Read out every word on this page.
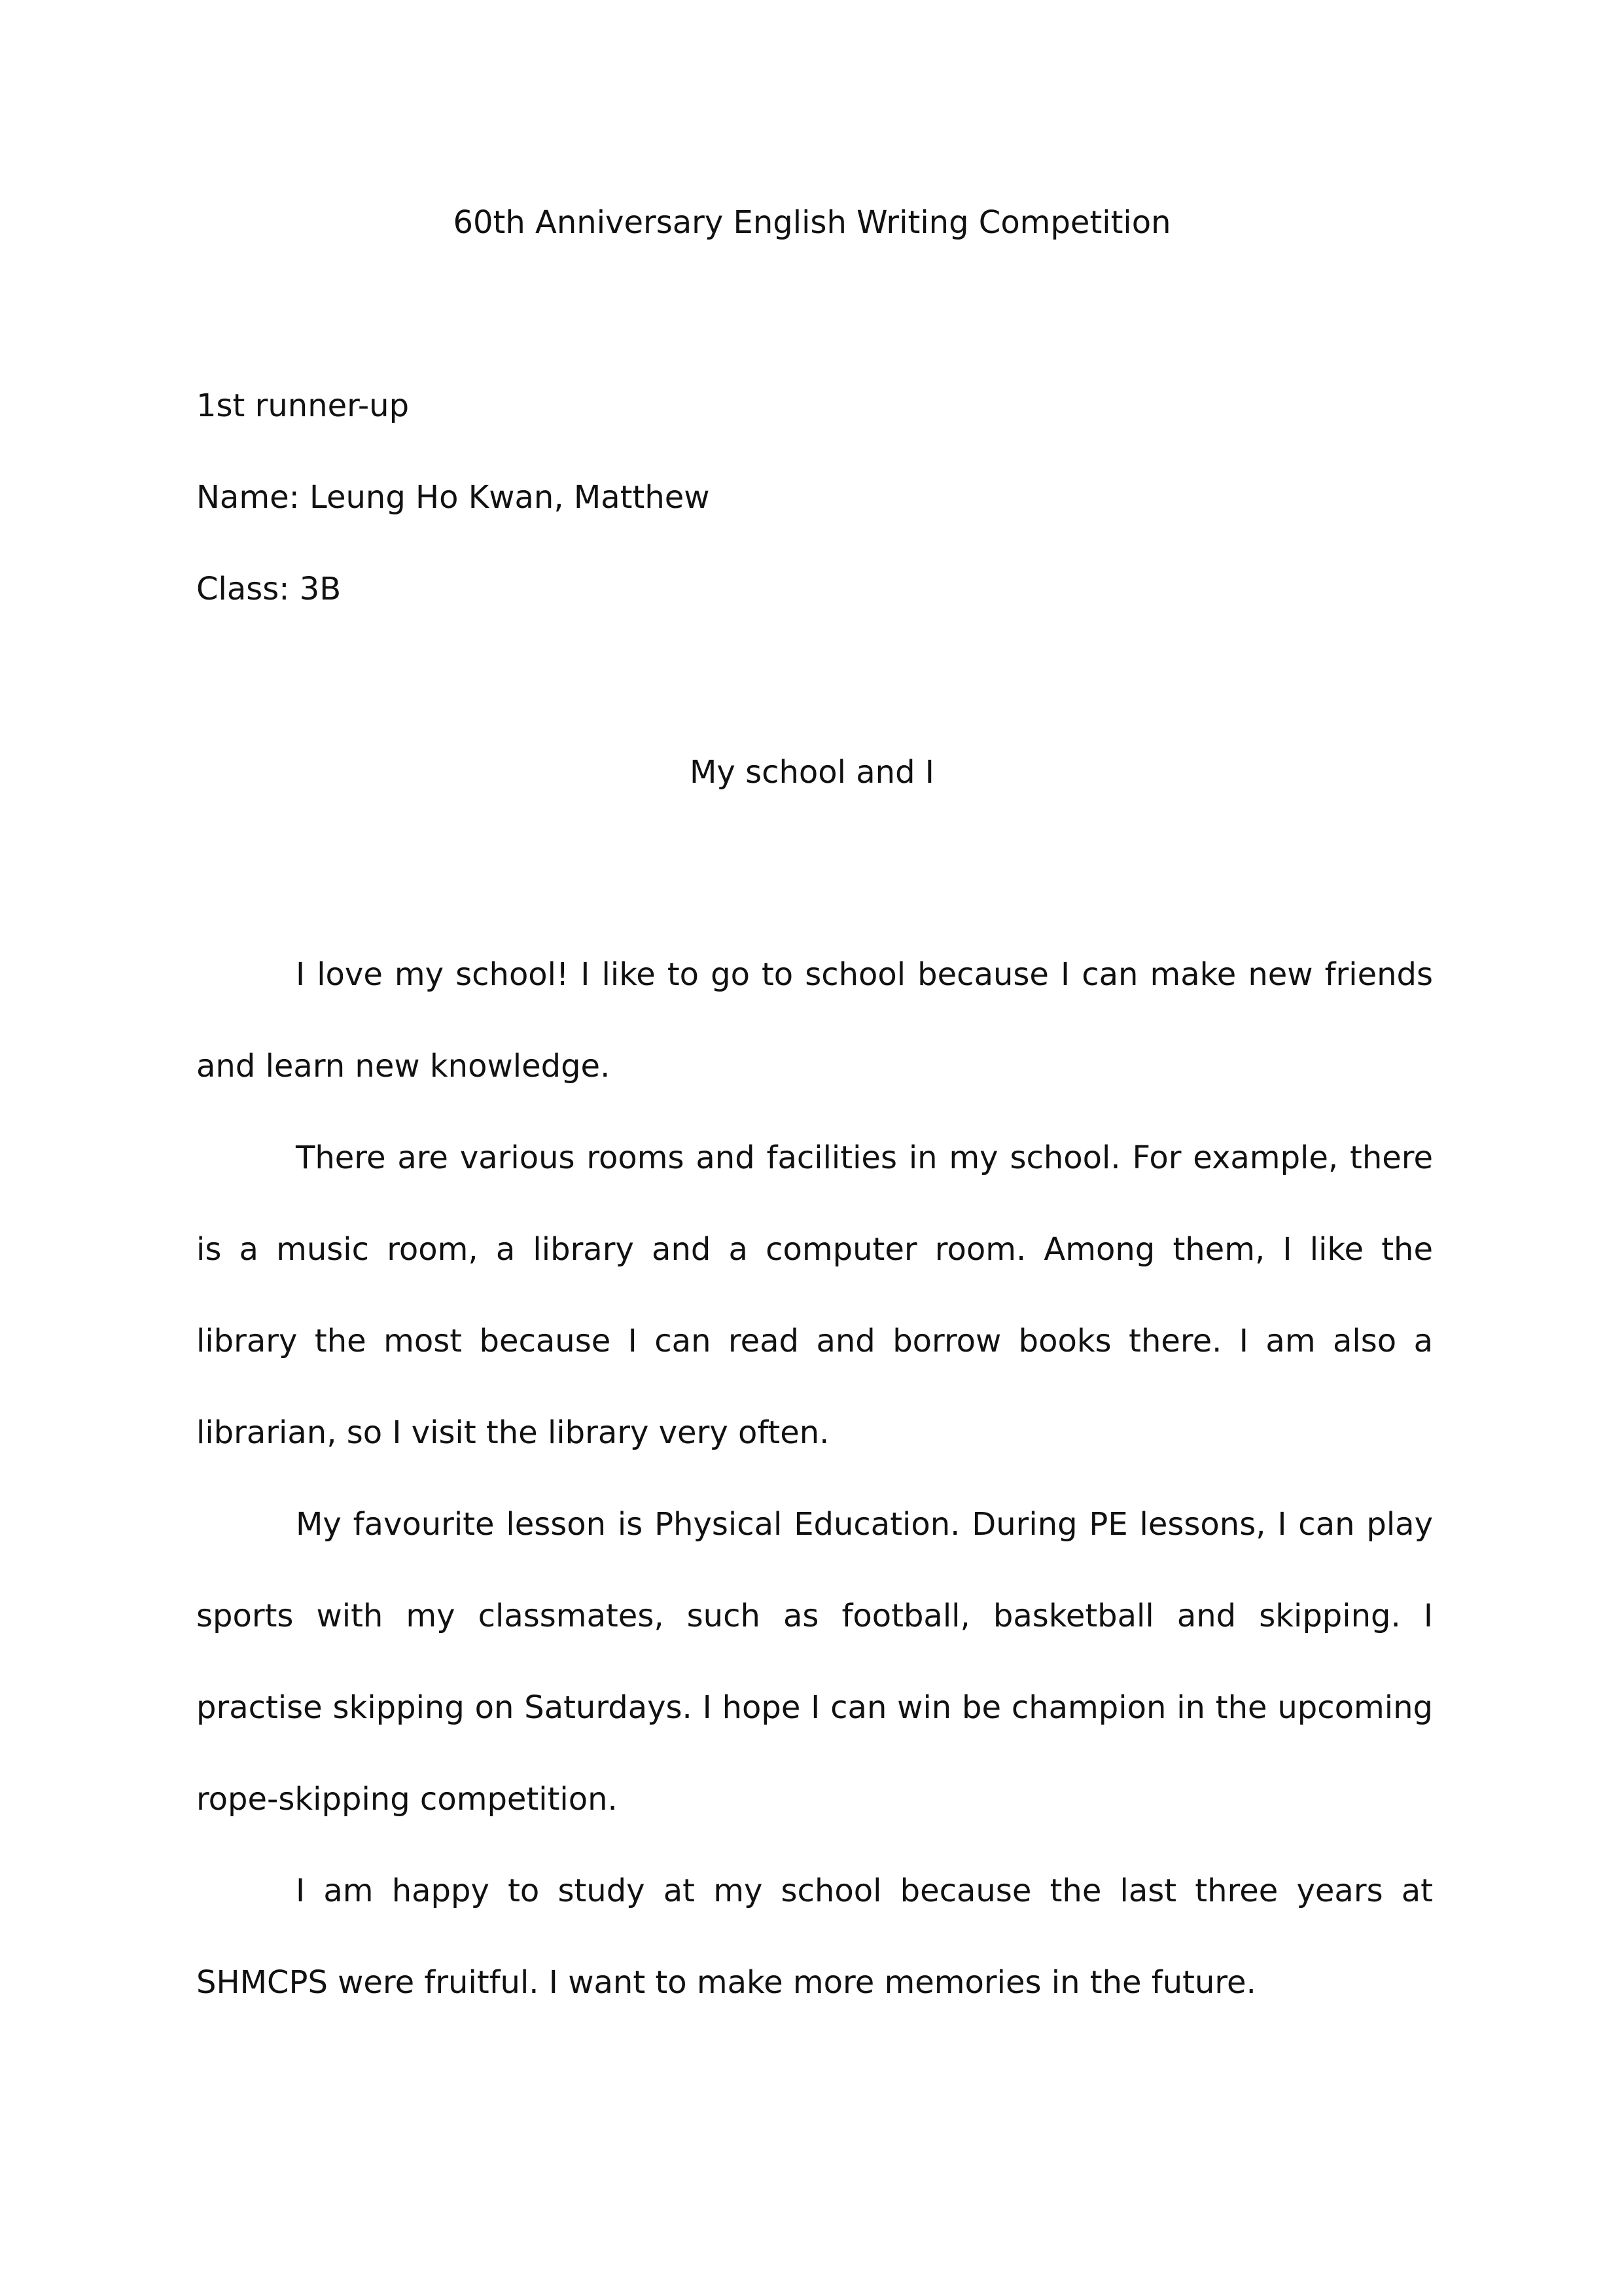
60th Anniversary English Writing Competition
1st runner-up
Name: Leung Ho Kwan, Matthew
Class: 3B
My school and I

I love my school! I like to go to school because I can make new friends and learn new knowledge.

There are various rooms and facilities in my school. For example, there is a music room, a library and a computer room. Among them, I like the library the most because I can read and borrow books there. I am also a librarian, so I visit the library very often.

My favourite lesson is Physical Education. During PE lessons, I can play sports with my classmates, such as football, basketball and skipping. I practise skipping on Saturdays. I hope I can win be champion in the upcoming rope-skipping competition.

I am happy to study at my school because the last three years at SHMCPS were fruitful. I want to make more memories in the future.
